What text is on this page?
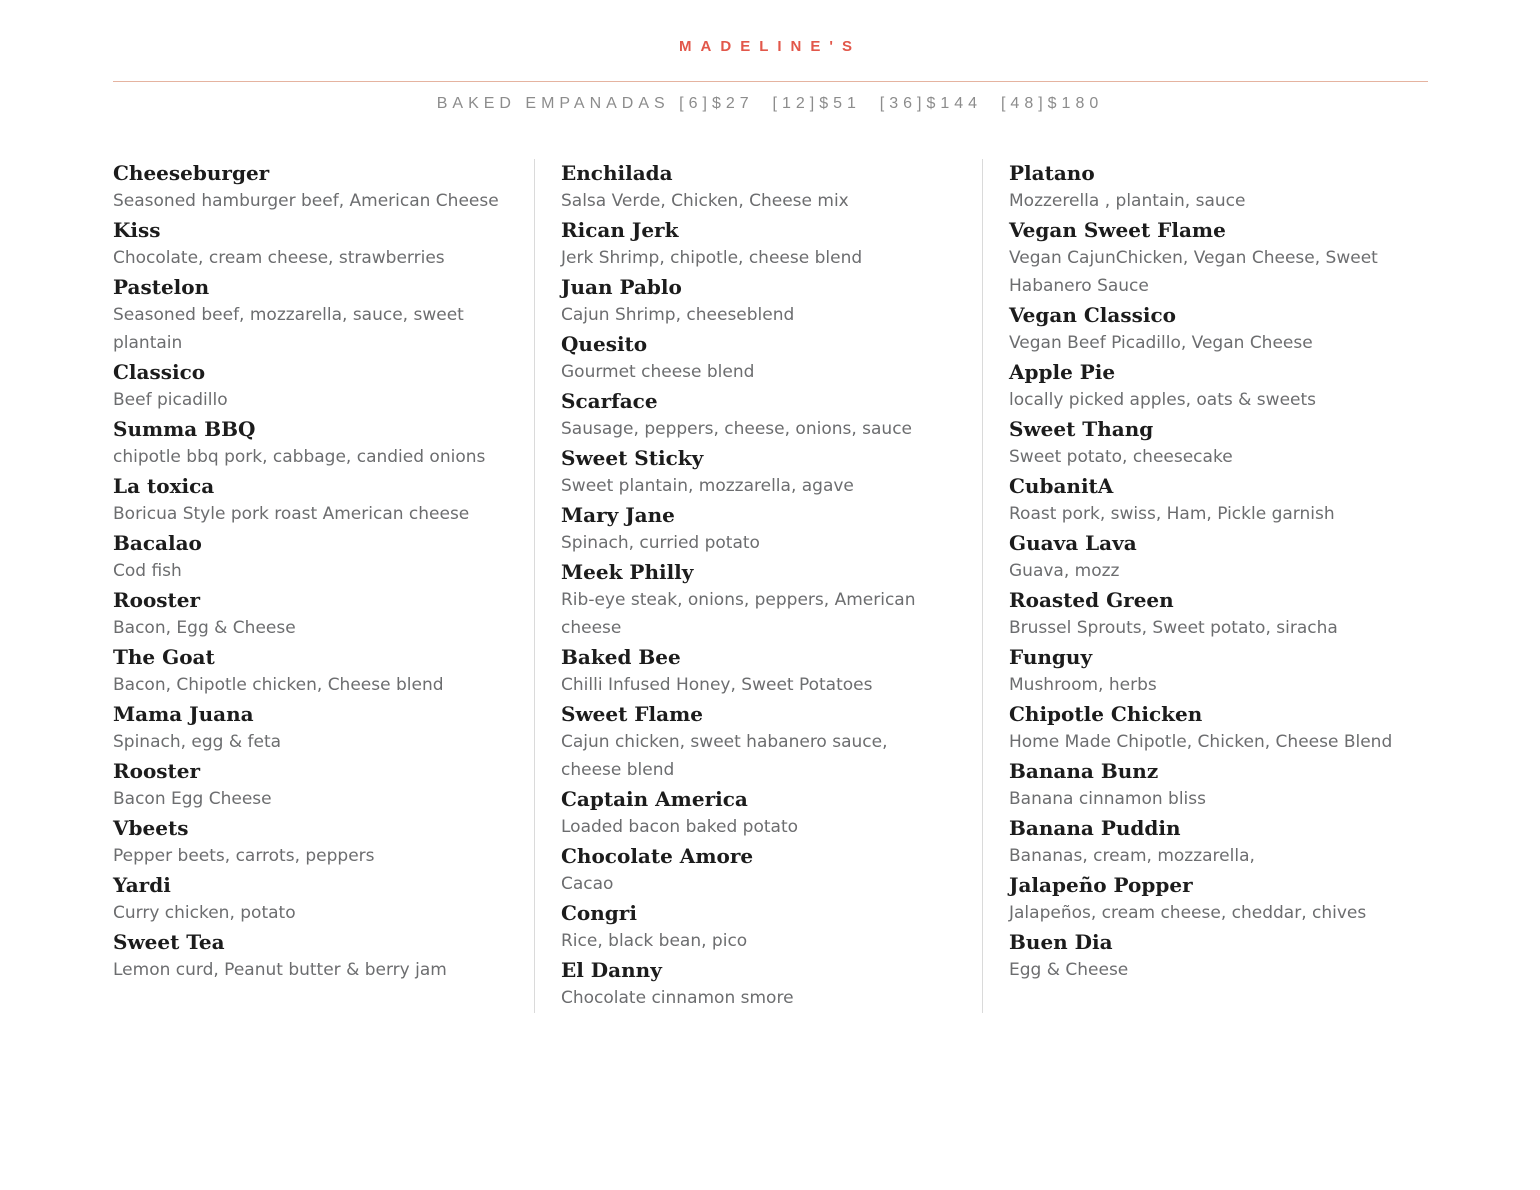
MADELINE'S
BAKED EMPANADAS [6]$27  [12]$51  [36]$144  [48]$180
Cheeseburger
Seasoned hamburger beef, American Cheese
Kiss
Chocolate, cream cheese, strawberries
Pastelon
Seasoned beef, mozzarella, sauce, sweet plantain
Classico
Beef picadillo
Summa BBQ
chipotle bbq pork, cabbage, candied onions
La toxica
Boricua Style pork roast American cheese
Bacalao
Cod fish
Rooster
Bacon, Egg & Cheese
The Goat
Bacon, Chipotle chicken, Cheese blend
Mama Juana
Spinach, egg & feta
Rooster
Bacon Egg Cheese
Vbeets
Pepper beets, carrots, peppers
Yardi
Curry chicken, potato
Sweet Tea
Lemon curd, Peanut butter & berry jam
Enchilada
Salsa Verde, Chicken, Cheese mix
Rican Jerk
Jerk Shrimp, chipotle, cheese blend
Juan Pablo
Cajun Shrimp, cheeseblend
Quesito
Gourmet cheese blend
Scarface
Sausage, peppers, cheese, onions, sauce
Sweet Sticky
Sweet plantain, mozzarella, agave
Mary Jane
Spinach, curried potato
Meek Philly
Rib-eye steak, onions, peppers, American cheese
Baked Bee
Chilli Infused Honey, Sweet Potatoes
Sweet Flame
Cajun chicken, sweet habanero sauce, cheese blend
Captain America
Loaded bacon baked potato
Chocolate Amore
Cacao
Congri
Rice, black bean, pico
El Danny
Chocolate cinnamon smore
Platano
Mozzerella , plantain, sauce
Vegan Sweet Flame
Vegan CajunChicken, Vegan Cheese, Sweet Habanero Sauce
Vegan Classico
Vegan Beef Picadillo, Vegan Cheese
Apple Pie
locally picked apples, oats & sweets
Sweet Thang
Sweet potato, cheesecake
CubanitA
Roast pork, swiss, Ham, Pickle garnish
Guava Lava
Guava, mozz
Roasted Green
Brussel Sprouts, Sweet potato, siracha
Funguy
Mushroom, herbs
Chipotle Chicken
Home Made Chipotle, Chicken, Cheese Blend
Banana Bunz
Banana cinnamon bliss
Banana Puddin
Bananas, cream, mozzarella,
Jalapeño Popper
Jalapeños, cream cheese, cheddar, chives
Buen Dia
Egg & Cheese
